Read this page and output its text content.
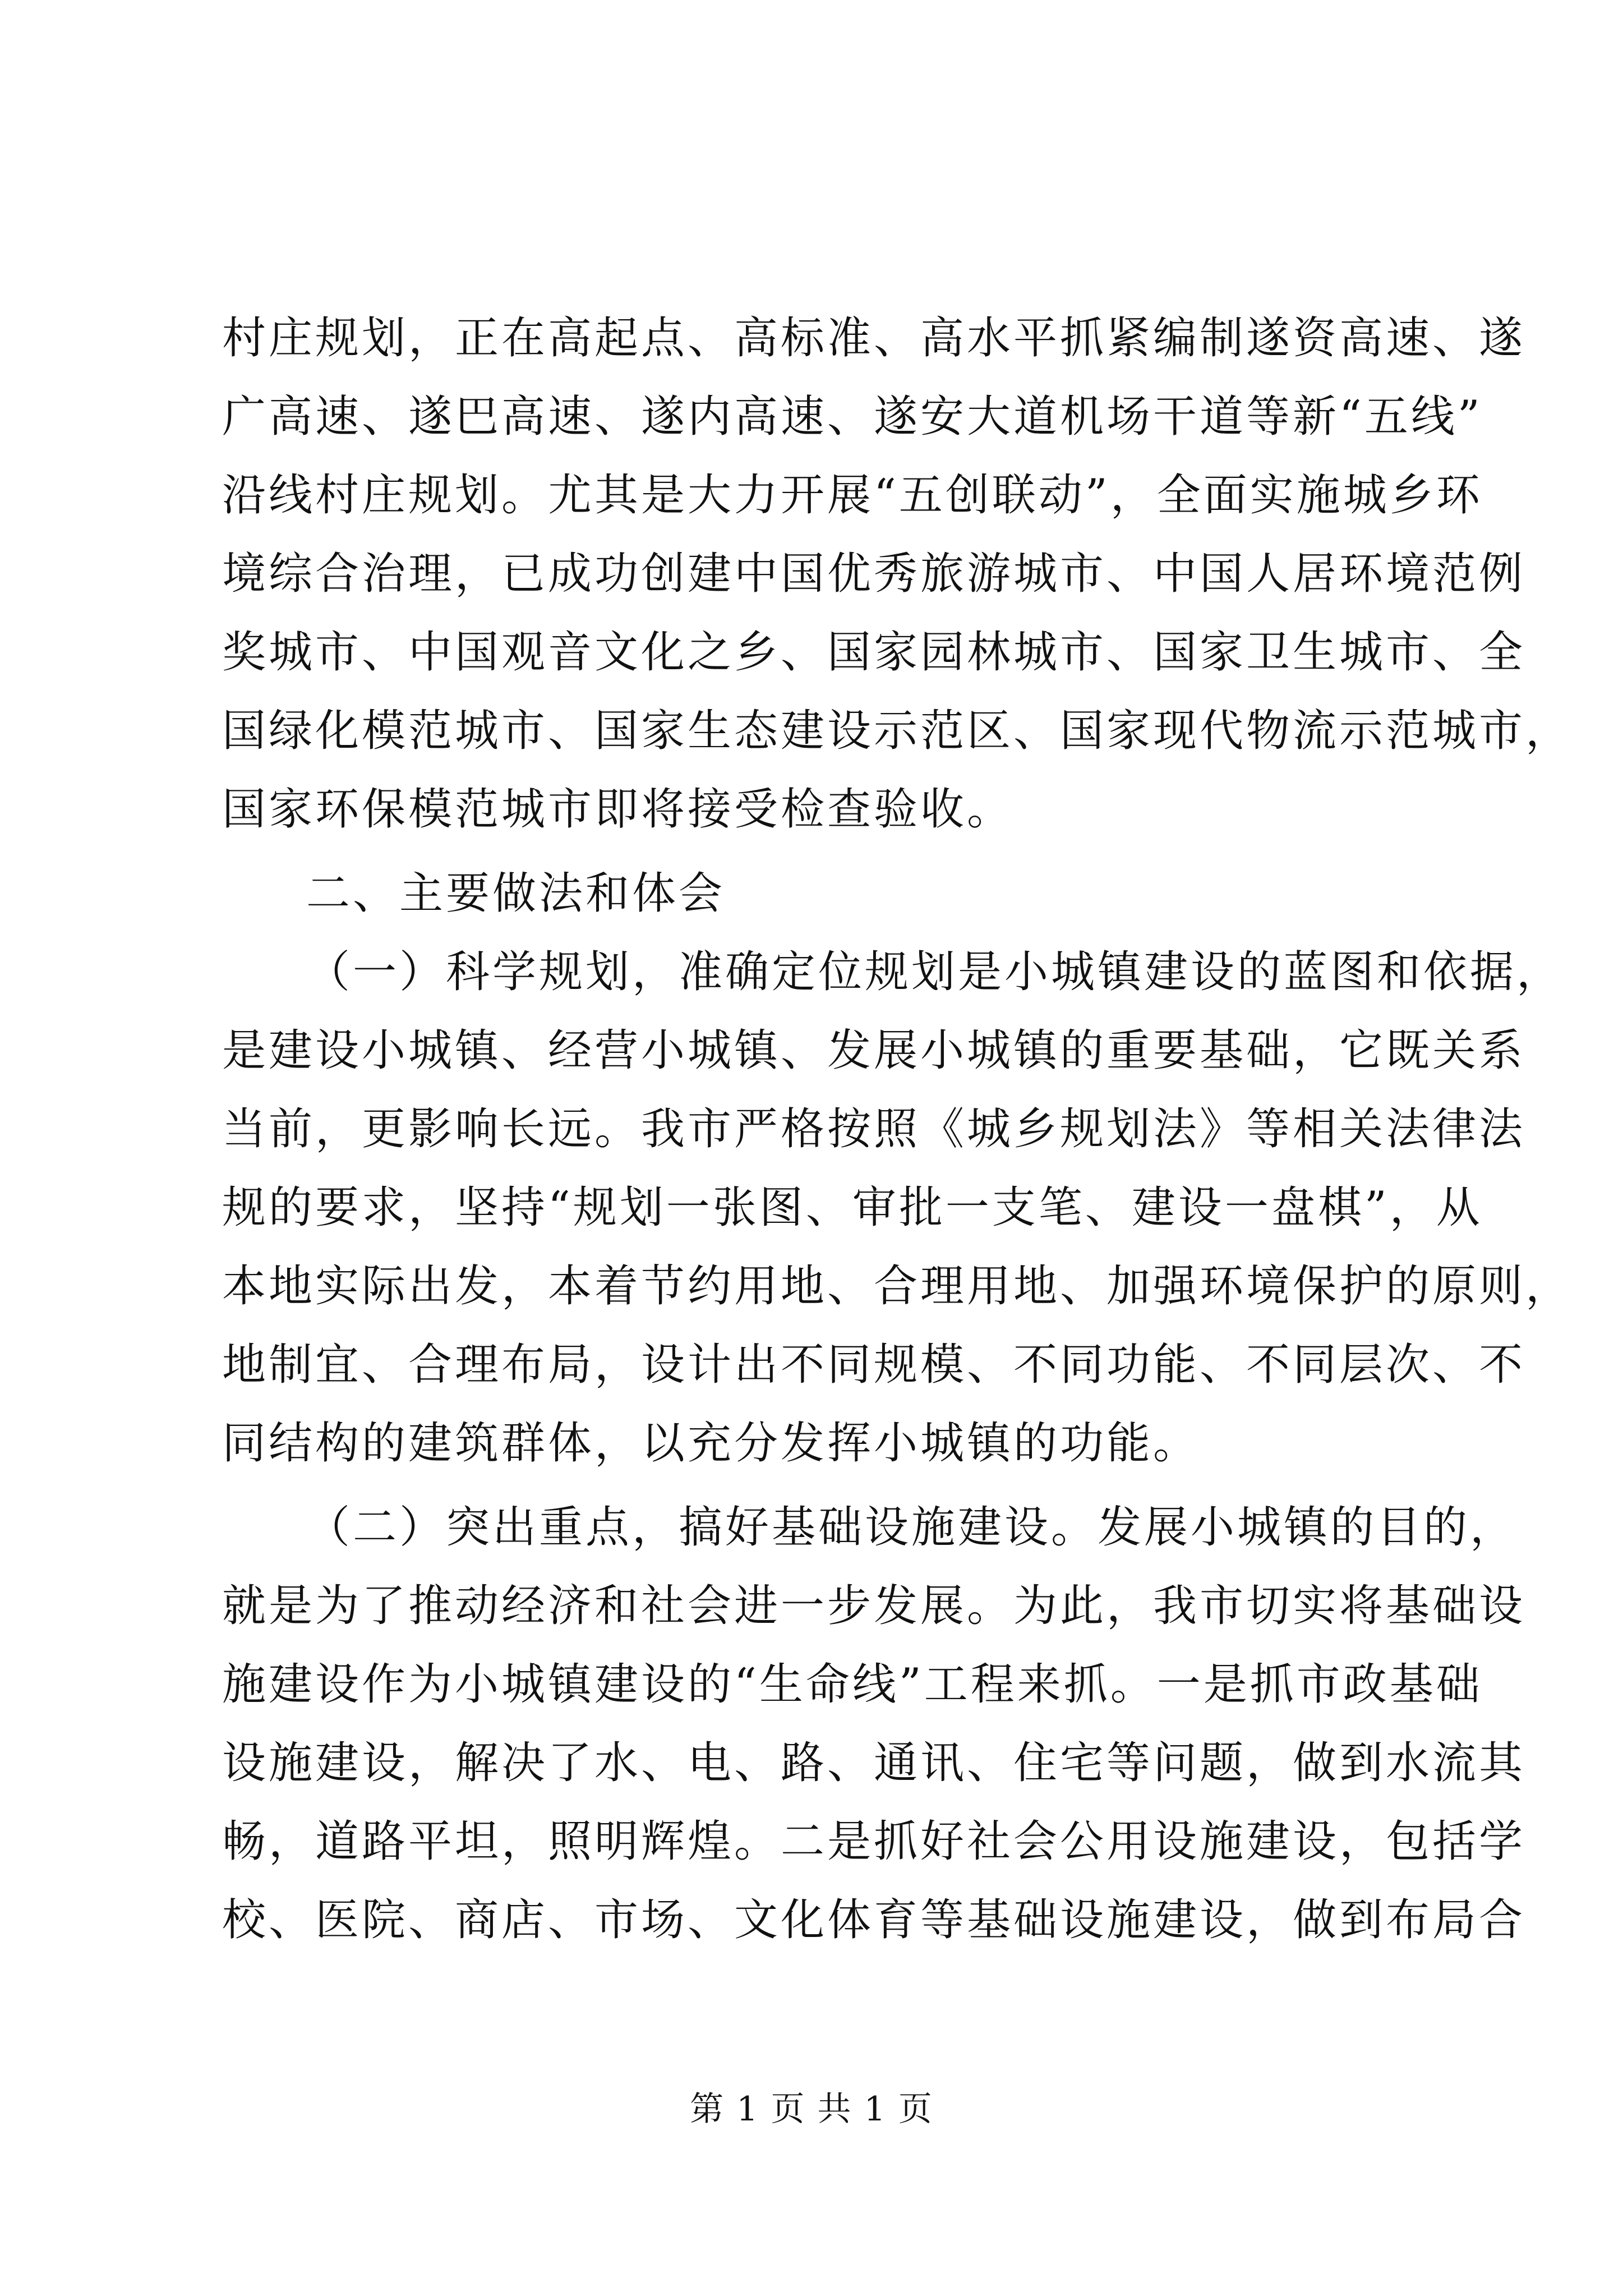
村庄规划，正在高起点、高标准、高水平抓紧编制遂资高速、遂
广高速、遂巴高速、遂内高速、遂安大道机场干道等新“五线”
沿线村庄规划。尤其是大力开展“五创联动”，全面实施城乡环
境综合治理，已成功创建中国优秀旅游城市、中国人居环境范例
奖城市、中国观音文化之乡、国家园林城市、国家卫生城市、全
国绿化模范城市、国家生态建设示范区、国家现代物流示范城市，
国家环保模范城市即将接受检查验收。
二、主要做法和体会
（一）科学规划，准确定位规划是小城镇建设的蓝图和依据，
是建设小城镇、经营小城镇、发展小城镇的重要基础，它既关系
当前，更影响长远。我市严格按照《城乡规划法》等相关法律法
规的要求，坚持“规划一张图、审批一支笔、建设一盘棋”，从
本地实际出发，本着节约用地、合理用地、加强环境保护的原则，
地制宜、合理布局，设计出不同规模、不同功能、不同层次、不
同结构的建筑群体，以充分发挥小城镇的功能。
（二）突出重点，搞好基础设施建设。发展小城镇的目的，
就是为了推动经济和社会进一步发展。为此，我市切实将基础设
施建设作为小城镇建设的“生命线”工程来抓。一是抓市政基础
设施建设，解决了水、电、路、通讯、住宅等问题，做到水流其
畅，道路平坦，照明辉煌。二是抓好社会公用设施建设，包括学
校、医院、商店、市场、文化体育等基础设施建设，做到布局合
第 1 页 共 1 页
